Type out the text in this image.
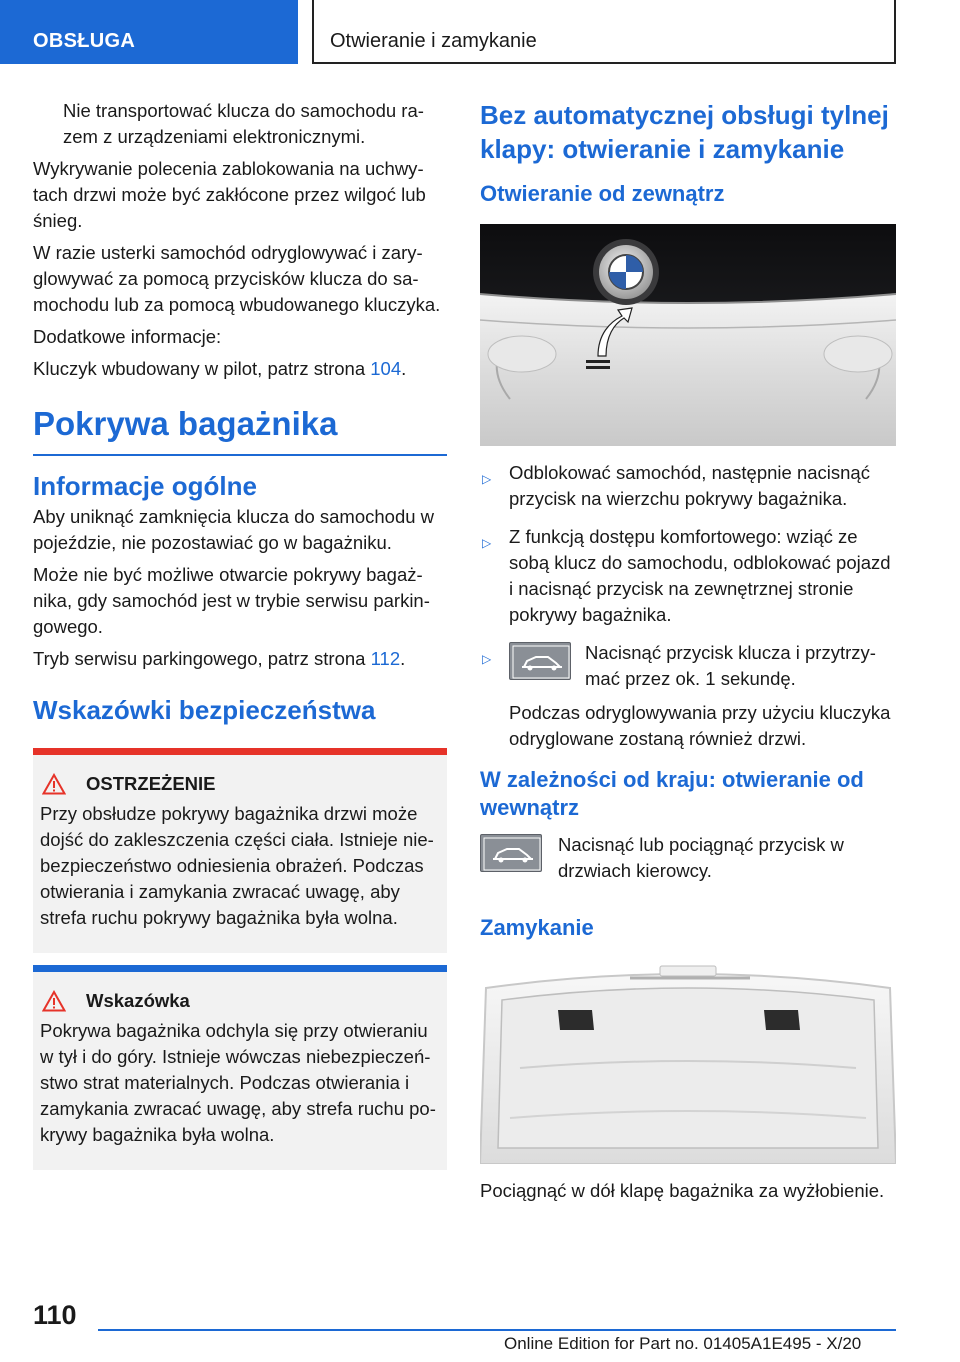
OBSŁUGA	Otwieranie i zamykanie

Nie transportować klucza do samochodu razem z urządzeniami elektronicznymi.

Wykrywanie polecenia zablokowania na uchwytach drzwi może być zakłócone przez wilgoć lub śnieg.

W razie usterki samochód odryglowywać i zaryglowywać za pomocą przycisków klucza do samochodu lub za pomocą wbudowanego kluczyka.

Dodatkowe informacje:

Kluczyk wbudowany w pilot, patrz strona 104.

Pokrywa bagażnika
Informacje ogólne

Aby uniknąć zamknięcia klucza do samochodu w pojeździe, nie pozostawiać go w bagażniku.

Może nie być możliwe otwarcie pokrywy bagażnika, gdy samochód jest w trybie serwisu parkingowego.

Tryb serwisu parkingowego, patrz strona 112.

Wskazówki bezpieczeństwa
OSTRZEŻENIE

Przy obsłudze pokrywy bagażnika drzwi może dojść do zakleszczenia części ciała. Istnieje niebezpieczeństwo odniesienia obrażeń. Podczas otwierania i zamykania zwracać uwagę, aby strefa ruchu pokrywy bagażnika była wolna.

Wskazówka

Pokrywa bagażnika odchyla się przy otwieraniu w tył i do góry. Istnieje wówczas niebezpieczeństwo strat materialnych. Podczas otwierania i zamykania zwracać uwagę, aby strefa ruchu pokrywy bagażnika była wolna.

Bez automatycznej obsługi tylnej klapy: otwieranie i zamykanie
Otwieranie od zewnątrz
▷ Odblokować samochód, następnie nacisnąć przycisk na wierzchu pokrywy bagażnika.
▷ Z funkcją dostępu komfortowego: wziąć ze sobą klucz do samochodu, odblokować pojazd i nacisnąć przycisk na zewnętrznej stronie pokrywy bagażnika.
▷	Nacisnąć przycisk klucza i przytrzymać przez ok. 1 sekundę.
Podczas odryglowywania przy użyciu kluczyka odryglowane zostaną również drzwi.
W zależności od kraju: otwieranie od wewnątrz
Nacisnąć lub pociągnąć przycisk w drzwiach kierowcy.
Zamykanie

Pociągnąć w dół klapę bagażnika za wyżłobienie.

110
Online Edition for Part no. 01405A1E495 - X/20
